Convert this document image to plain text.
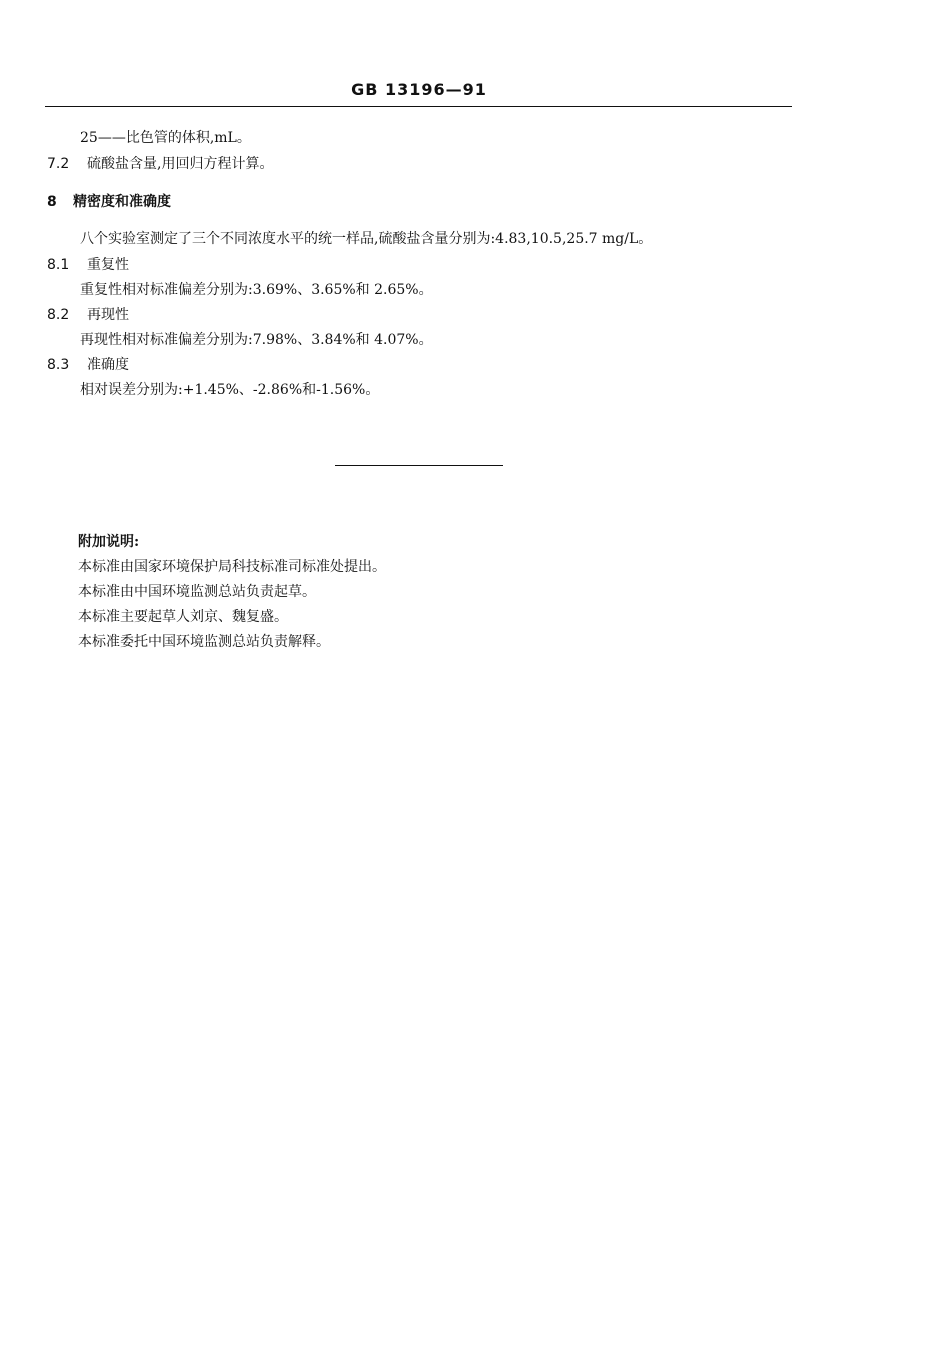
GB 13196—91
25——比色管的体积,mL。
7.2 硫酸盐含量,用回归方程计算。
8 精密度和准确度
八个实验室测定了三个不同浓度水平的统一样品,硫酸盐含量分别为:4.83,10.5,25.7 mg/L。
8.1 重复性
重复性相对标准偏差分别为:3.69%、3.65%和 2.65%。
8.2 再现性
再现性相对标准偏差分别为:7.98%、3.84%和 4.07%。
8.3 准确度
相对误差分别为:+1.45%、-2.86%和-1.56%。
附加说明:
本标准由国家环境保护局科技标准司标准处提出。
本标准由中国环境监测总站负责起草。
本标准主要起草人刘京、魏复盛。
本标准委托中国环境监测总站负责解释。
